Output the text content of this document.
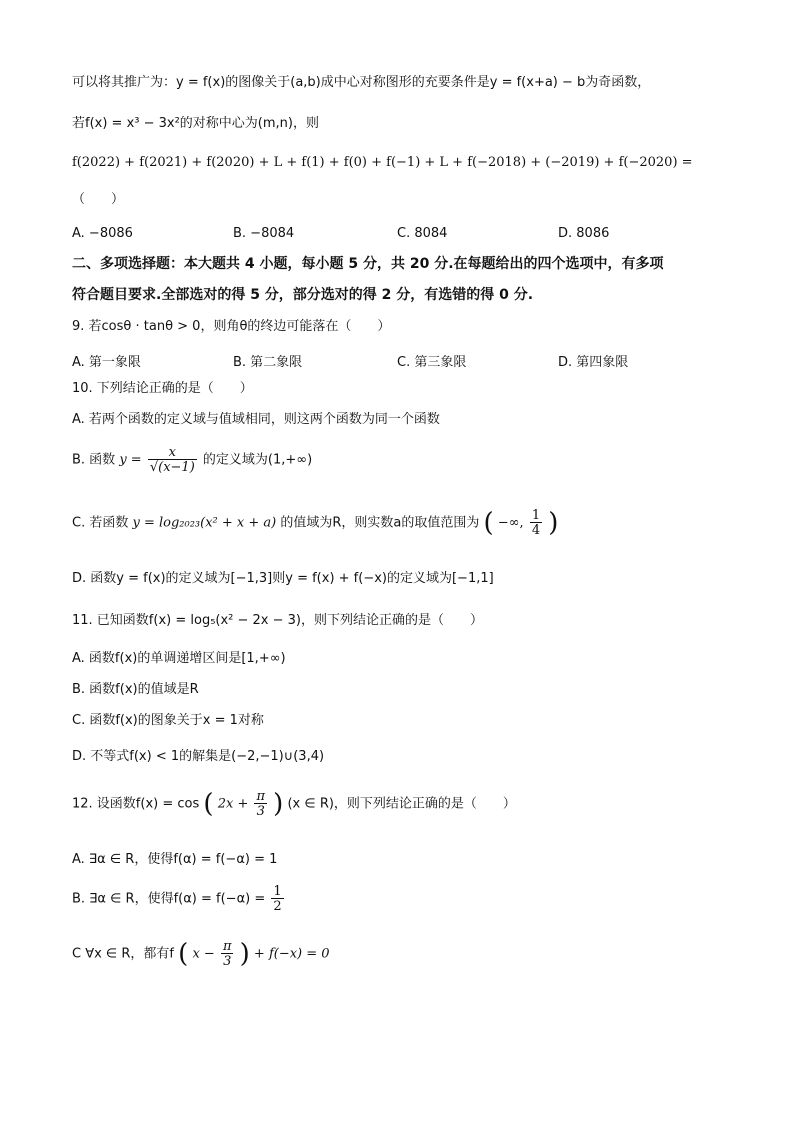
可以将其推广为：y = f(x)的图像关于(a,b)成中心对称图形的充要条件是y = f(x+a) − b为奇函数，
若f(x) = x³ − 3x²的对称中心为(m,n)，则
f(2022) + f(2021) + f(2020) + L + f(1) + f(0) + f(−1) + L + f(−2018) + (−2019) + f(−2020) =
（　　）
A. −8086	B. −8084	C. 8084	D. 8086
二、多项选择题：本大题共 4 小题，每小题 5 分，共 20 分.在每题给出的四个选项中，有多项
符合题目要求.全部选对的得 5 分，部分选对的得 2 分，有选错的得 0 分.
9. 若cosθ · tanθ > 0，则角θ的终边可能落在（　　）
A. 第一象限	B. 第二象限	C. 第三象限	D. 第四象限
10. 下列结论正确的是（　　）
A. 若两个函数的定义域与值域相同，则这两个函数为同一个函数
B. 函数 $y = \frac{x}{√(x-1)}$ 的定义域为(1,+∞)
C. 若函数 y = log₂₀₂₃(x² + x + a) 的值域为R，则实数a的取值范围为 ( −∞, $\frac{1}{4}$ )
D. 函数y = f(x)的定义域为[−1,3]则y = f(x) + f(−x)的定义域为[−1,1]
11. 已知函数f(x) = log₅(x² − 2x − 3)，则下列结论正确的是（　　）
A. 函数f(x)的单调递增区间是[1,+∞)
B. 函数f(x)的值域是R
C. 函数f(x)的图象关于x = 1对称
D. 不等式f(x) < 1的解集是(−2,−1)∪(3,4)
12. 设函数f(x) = cos ( $2x + \frac{\pi}{3}$ ) (x ∈ R)，则下列结论正确的是（　　）
A. ∃α ∈ R，使得f(α) = f(−α) = 1
B. ∃α ∈ R，使得$f(\alpha) = f(-\alpha) = \frac{1}{2}$
C ∀x ∈ R，都有f ( $x - \frac{\pi}{3}$ ) + f(−x) = 0
